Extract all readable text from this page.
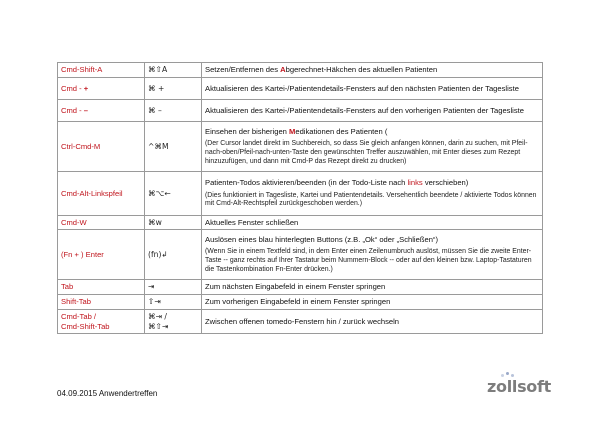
Cmd-Shift-A	⌘⇧A	Setzen/Entfernen des Abgerechnet-Häkchen des aktuellen Patienten
Cmd - +	⌘ +	Aktualisieren des Kartei-/Patientendetails-Fensters auf den nächsten Patienten der Tagesliste
Cmd - –	⌘ –	Aktualisieren des Kartei-/Patientendetails-Fensters auf den vorherigen Patienten der Tagesliste
Ctrl-Cmd-M	^⌘M	Einsehen der bisherigen Medikationen des Patienten (
(Der Cursor landet direkt im Suchbereich, so dass Sie gleich anfangen können, darin zu suchen, mit Pfeil-nach-oben/Pfeil-nach-unten-Taste den gewünschten Treffer auszuwählen, mit Enter dieses zum Rezept hinzuzufügen, und dann mit Cmd-P das Rezept direkt zu drucken)

Cmd-Alt-Linkspfeil	⌘⌥←	Patienten-Todos aktivieren/beenden (in der Todo-Liste nach links verschieben)
(Dies funktioniert in Tagesliste, Kartei und Patientendetails. Versehentlich beendete / aktivierte Todos können mit Cmd-Alt-Rechtspfeil zurückgeschoben werden.)

Cmd-W	⌘w	Aktuelles Fenster schließen
(Fn + ) Enter	(fn)↲	Auslösen eines blau hinterlegten Buttons (z.B. „Ok“ oder „Schließen“)
(Wenn Sie in einem Textfeld sind, in dem Enter einen Zeilenumbruch auslöst, müssen Sie die zweite Enter-Taste -- ganz rechts auf Ihrer Tastatur beim Nummern-Block -- oder auf den kleinen bzw. Laptop-Tastaturen die Tastenkombination Fn-Enter drücken.)

Tab	⇥	Zum nächsten Eingabefeld in einem Fenster springen
Shift-Tab	⇧⇥	Zum vorherigen Eingabefeld in einem Fenster springen
Cmd-Tab /
Cmd-Shift-Tab	⌘⇥ /
⌘⇧⇥	Zwischen offenen tomedo-Fenstern hin / zurück wechseln
04.09.2015 Anwendertreffen	zollsoft
